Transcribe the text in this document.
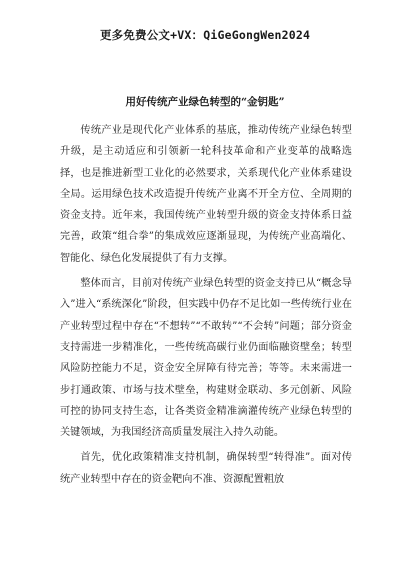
更多免费公文+VX：QiGeGongWen2024
用好传统产业绿色转型的“金钥匙”

传统产业是现代化产业体系的基底，推动传统产业绿色转型升级，是主动适应和引领新一轮科技革命和产业变革的战略选择，也是推进新型工业化的必然要求，关系现代化产业体系建设全局。运用绿色技术改造提升传统产业离不开全方位、全周期的资金支持。近年来，我国传统产业转型升级的资金支持体系日益完善，政策“组合拳”的集成效应逐渐显现，为传统产业高端化、智能化、绿色化发展提供了有力支撑。

整体而言，目前对传统产业绿色转型的资金支持已从“概念导入”进入“系统深化”阶段，但实践中仍存不足比如一些传统行业在产业转型过程中存在“不想转”“不敢转”“不会转”问题；部分资金支持需进一步精准化，一些传统高碳行业仍面临融资壁垒；转型风险防控能力不足，资金安全屏障有待完善；等等。未来需进一步打通政策、市场与技术壁垒，构建财金联动、多元创新、风险可控的协同支持生态，让各类资金精准滴灌传统产业绿色转型的关键领域，为我国经济高质量发展注入持久动能。

首先，优化政策精准支持机制，确保转型“转得准”。面对传统产业转型中存在的资金靶向不准、资源配置粗放
